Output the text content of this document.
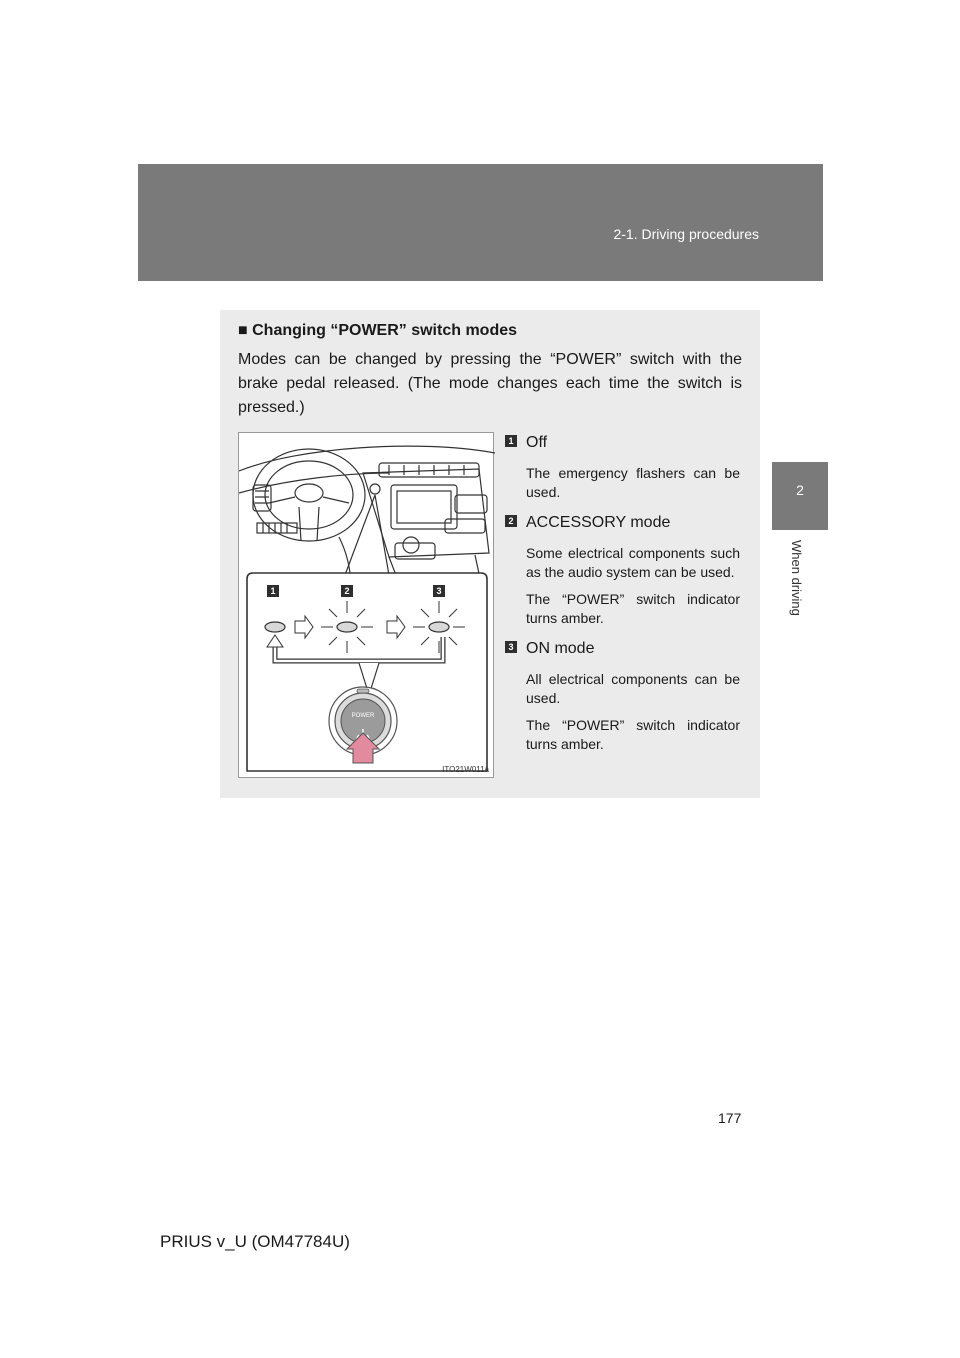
2-1. Driving procedures
2
When driving
■ Changing “POWER” switch modes
Modes can be changed by pressing the “POWER” switch with the brake pedal released. (The mode changes each time the switch is pressed.)
1	2	3
POWER
ITO21W011a
1 Off

The emergency flashers can be used.

2 ACCESSORY mode

Some electrical components such as the audio system can be used.

The “POWER” switch indicator turns amber.

3 ON mode

All electrical components can be used.

The “POWER” switch indicator turns amber.

177
PRIUS v_U (OM47784U)
